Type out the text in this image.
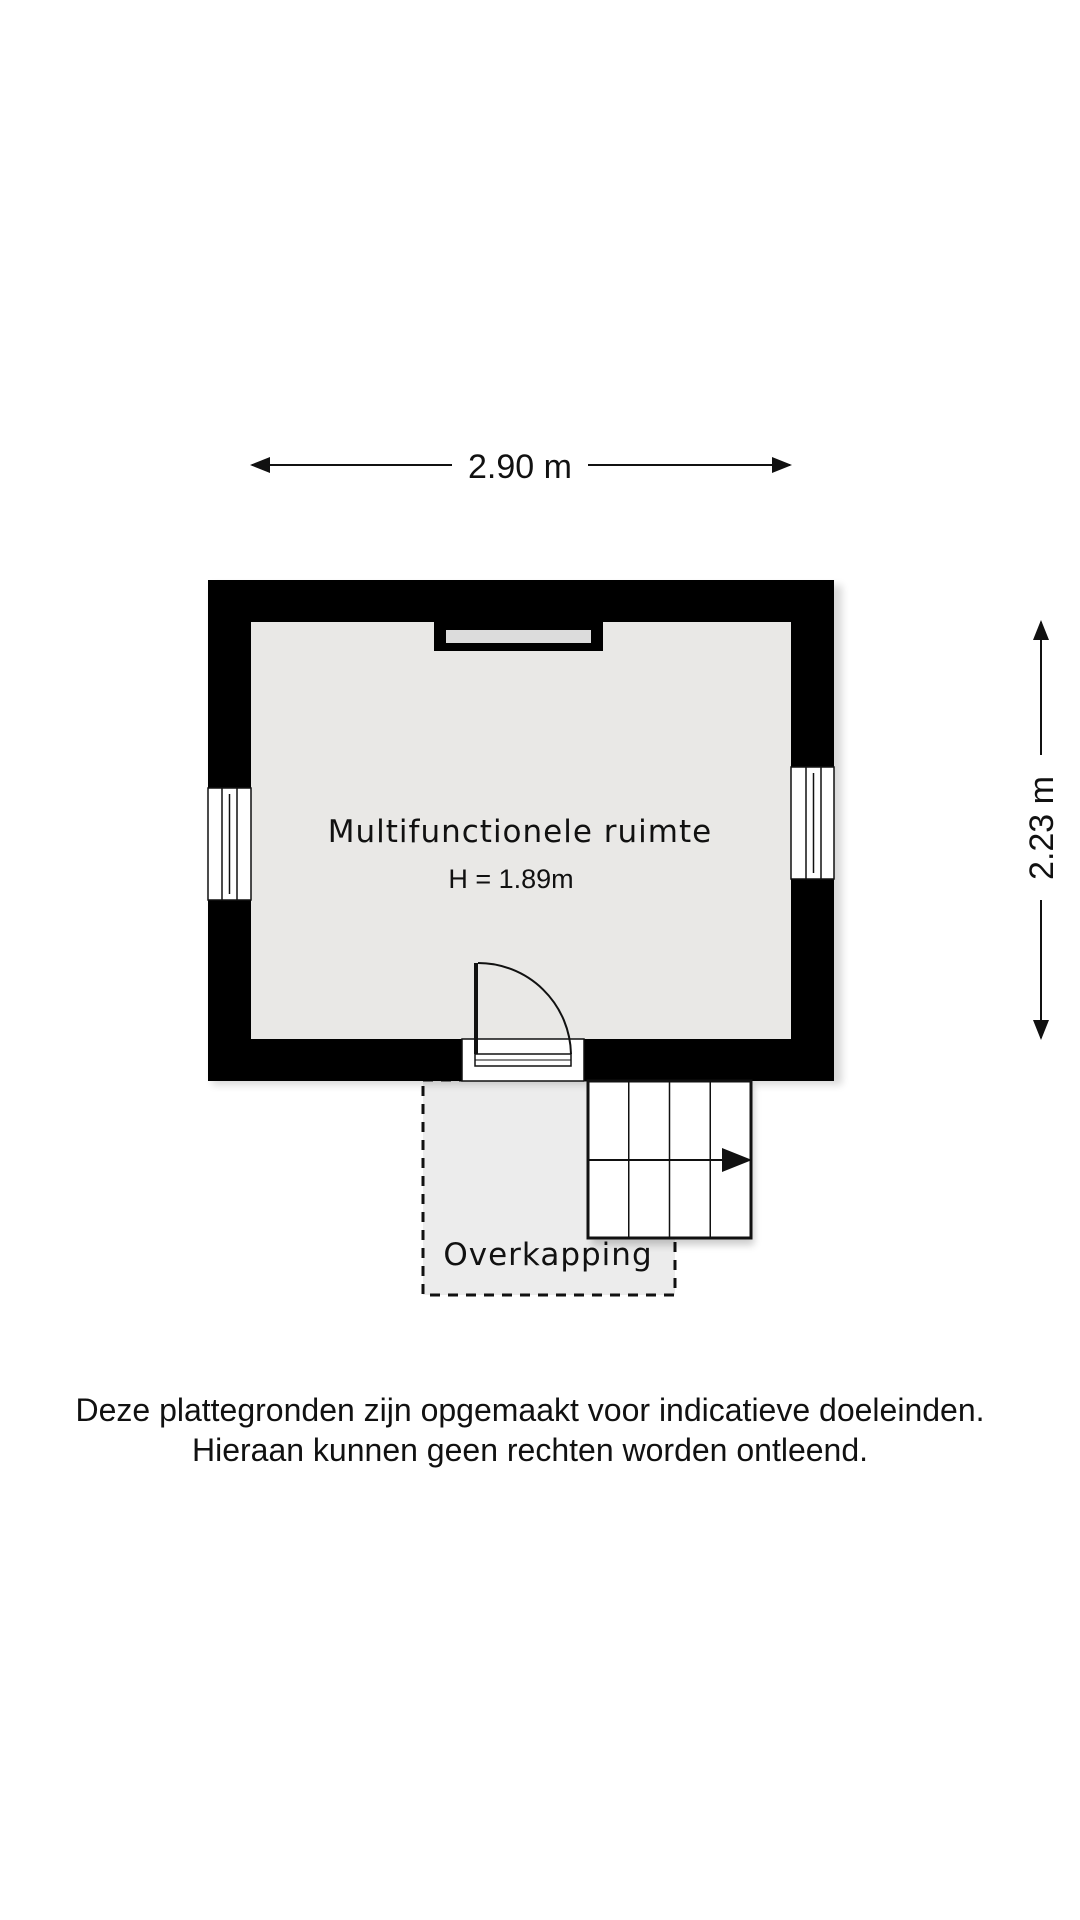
2.90 m
2.23 m
Multifunctionele ruimte
H = 1.89m
Overkapping
Deze plattegronden zijn opgemaakt voor indicatieve doeleinden.
Hieraan kunnen geen rechten worden ontleend.
